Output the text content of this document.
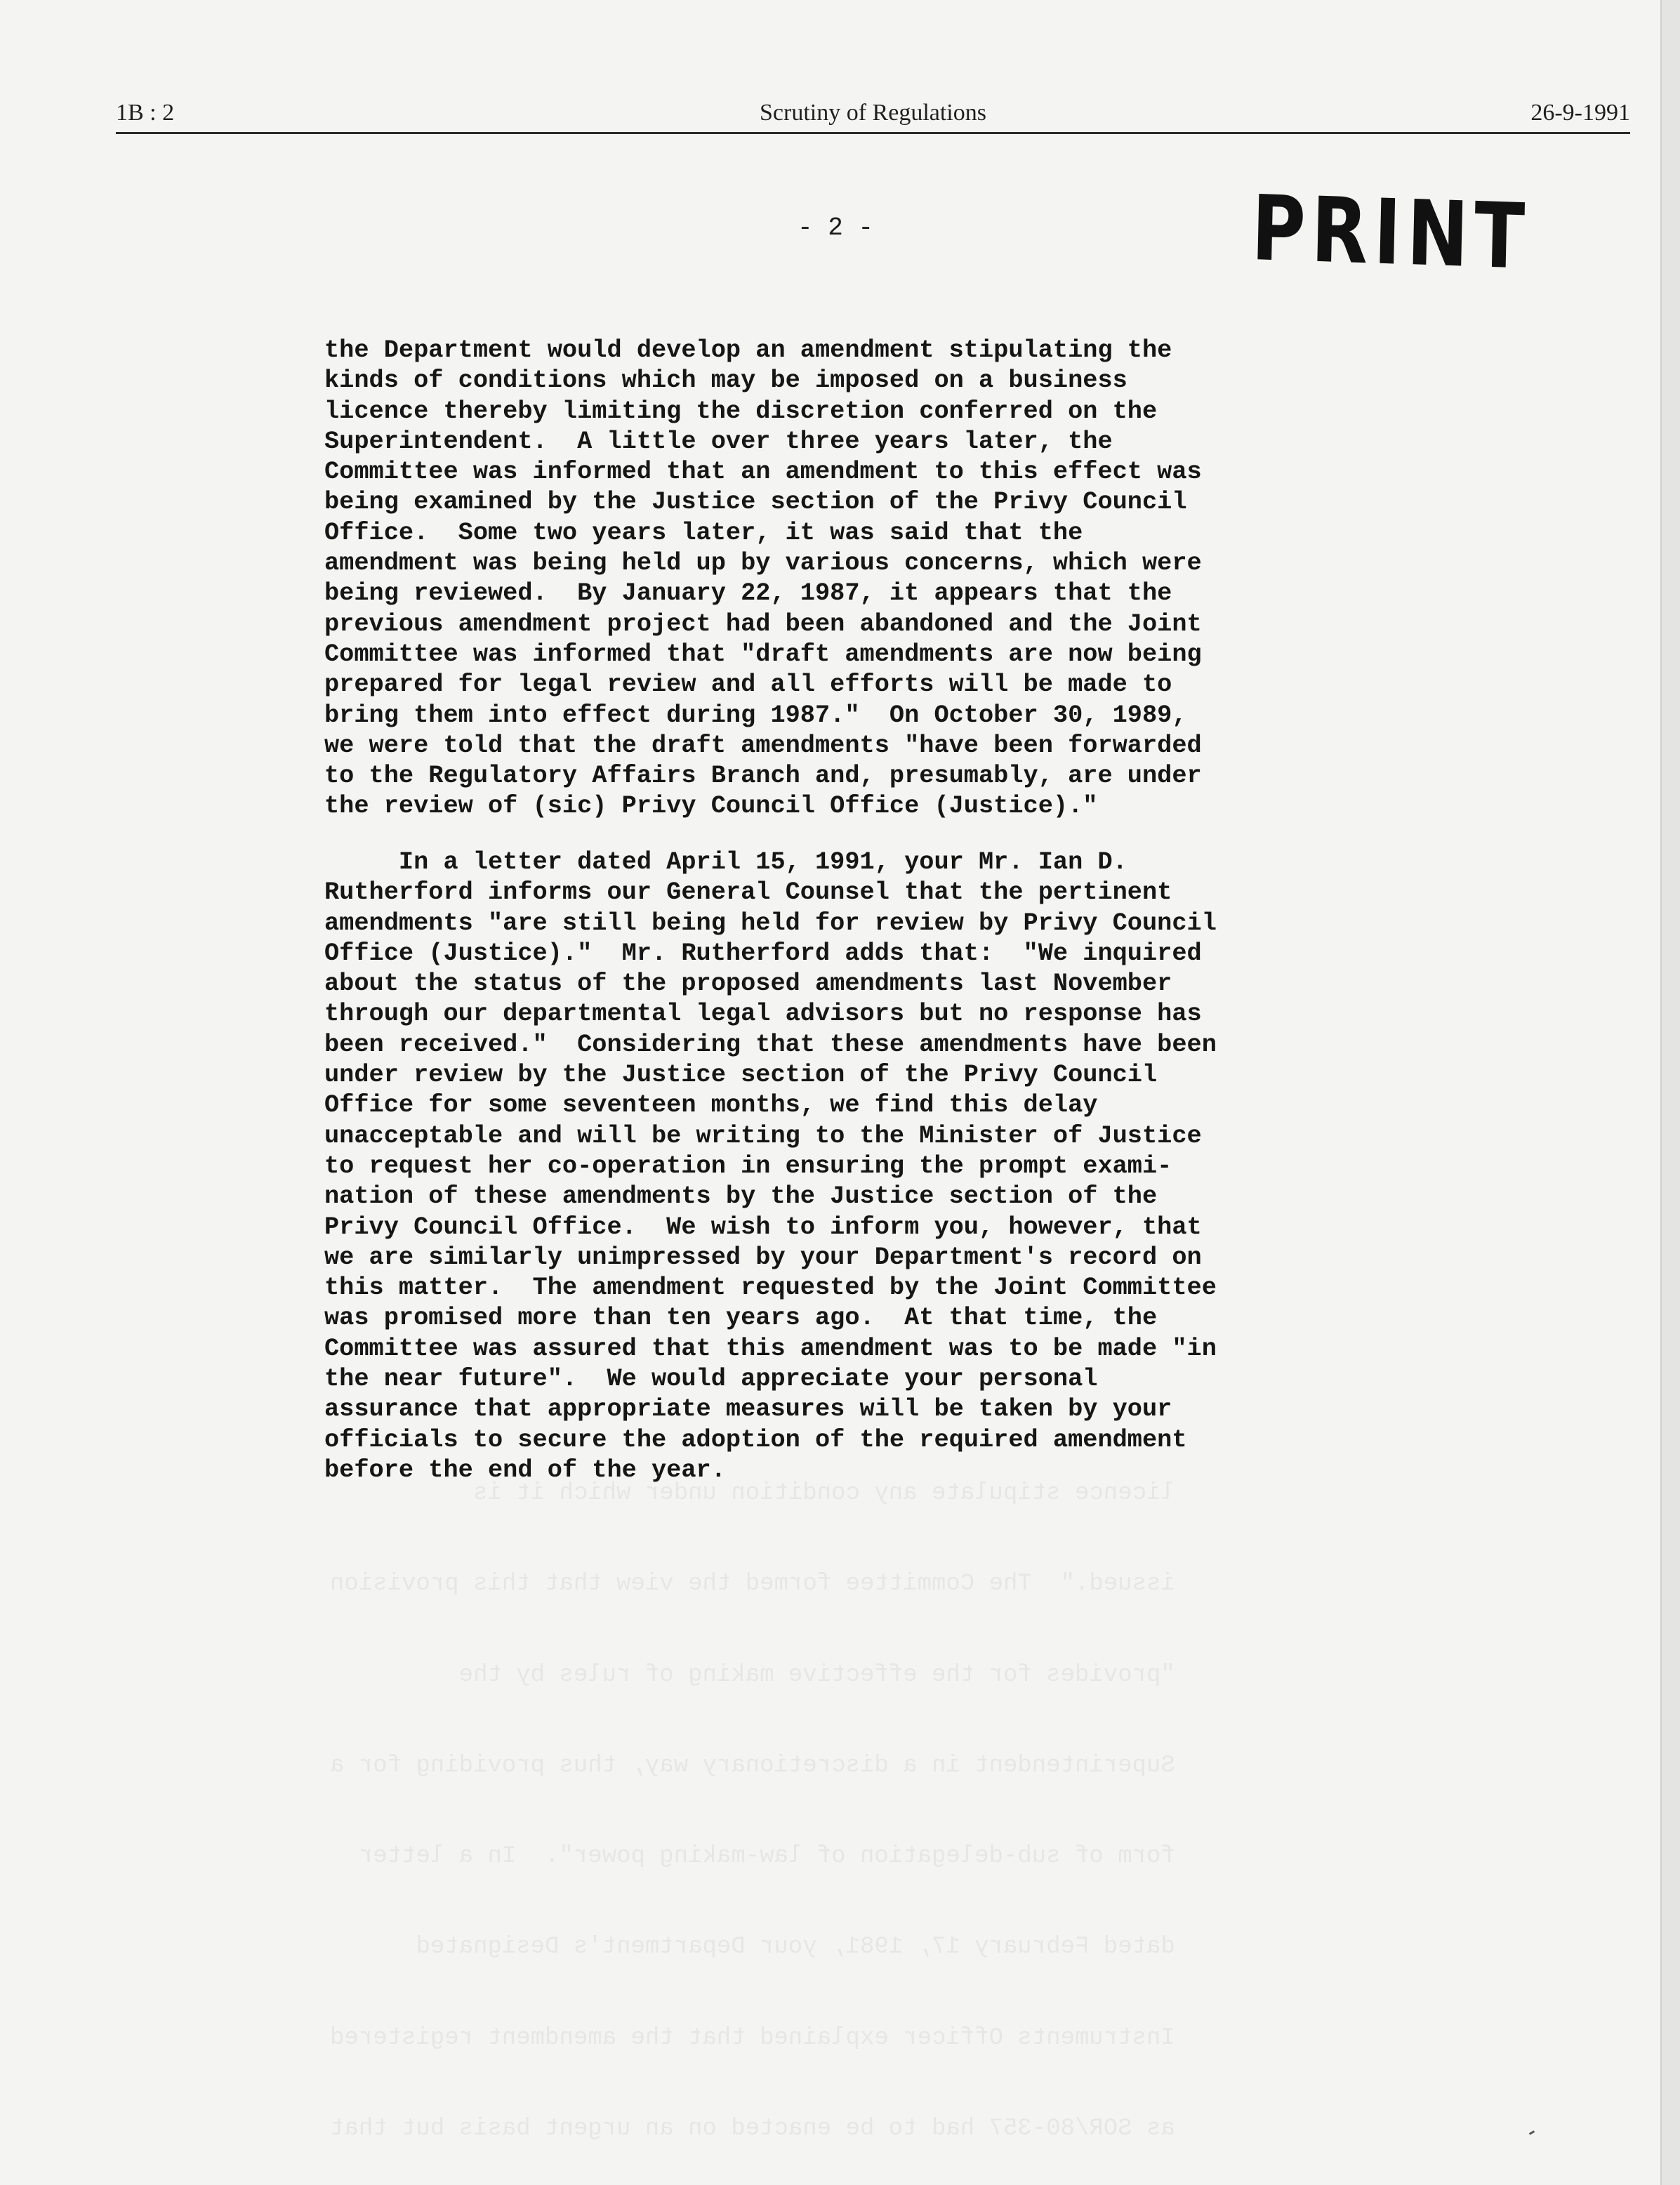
1B : 2	Scrutiny of Regulations	26-9-1991
- 2 -	PRINT

licence stipulate any condition under which it is

issued."  The Committee formed the view that this provision

"provides for the effective making of rules by the

Superintendent in a discretionary way, thus providing for a

form of sub-delegation of law-making power".  In a letter

dated February 17, 1981, your Department's Designated

Instruments Officer explained that the amendment registered

as SOR/80-357 had to be enacted on an urgent basis but that

the Department would develop an amendment stipulating the
kinds of conditions which may be imposed on a business
licence thereby limiting the discretion conferred on the
Superintendent.  A little over three years later, the
Committee was informed that an amendment to this effect was
being examined by the Justice section of the Privy Council
Office.  Some two years later, it was said that the
amendment was being held up by various concerns, which were
being reviewed.  By January 22, 1987, it appears that the
previous amendment project had been abandoned and the Joint
Committee was informed that "draft amendments are now being
prepared for legal review and all efforts will be made to
bring them into effect during 1987."  On October 30, 1989,
we were told that the draft amendments "have been forwarded
to the Regulatory Affairs Branch and, presumably, are under
the review of (sic) Privy Council Office (Justice)."
In a letter dated April 15, 1991, your Mr. Ian D.
Rutherford informs our General Counsel that the pertinent
amendments "are still being held for review by Privy Council
Office (Justice)."  Mr. Rutherford adds that:  "We inquired
about the status of the proposed amendments last November
through our departmental legal advisors but no response has
been received."  Considering that these amendments have been
under review by the Justice section of the Privy Council
Office for some seventeen months, we find this delay
unacceptable and will be writing to the Minister of Justice
to request her co-operation in ensuring the prompt exami-
nation of these amendments by the Justice section of the
Privy Council Office.  We wish to inform you, however, that
we are similarly unimpressed by your Department's record on
this matter.  The amendment requested by the Joint Committee
was promised more than ten years ago.  At that time, the
Committee was assured that this amendment was to be made "in
the near future".  We would appreciate your personal
assurance that appropriate measures will be taken by your
officials to secure the adoption of the required amendment
before the end of the year.
